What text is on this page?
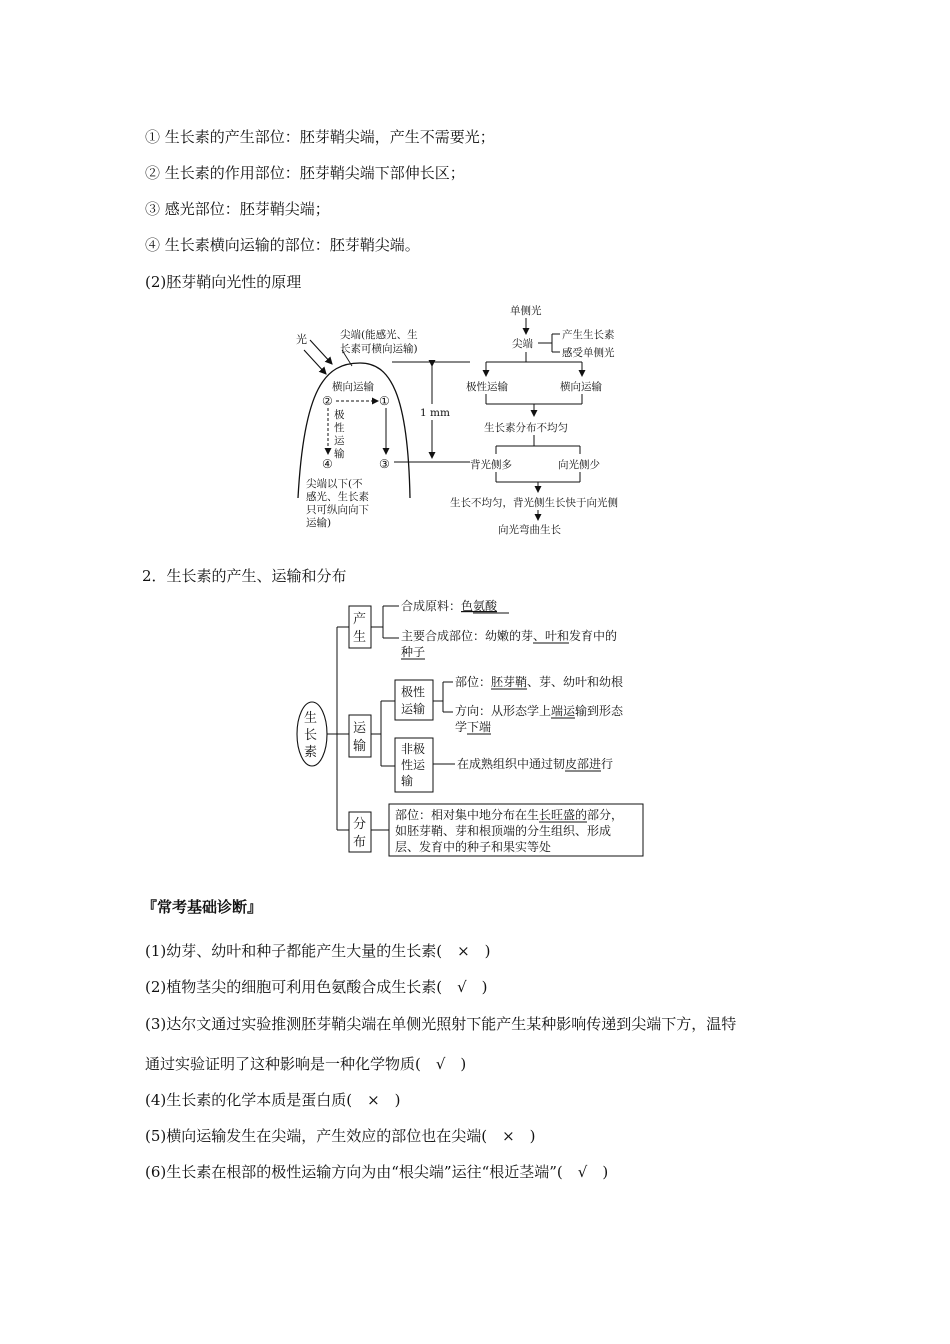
① 生长素的产生部位：胚芽鞘尖端，产生不需要光；
② 生长素的作用部位：胚芽鞘尖端下部伸长区；
③ 感光部位：胚芽鞘尖端；
④ 生长素横向运输的部位：胚芽鞘尖端。
(2)胚芽鞘向光性的原理
光	尖端(能感光、生
长素可横向运输)
横向运输
②	①
极
性
运
输
④	③
1 mm
尖端以下(不
感光、生长素
只可纵向向下
运输)
单侧光
尖端
产生生长素
感受单侧光
极性运输	横向运输
生长素分布不均匀
背光侧多	向光侧少
生长不均匀，背光侧生长快于向光侧
向光弯曲生长
2．生长素的产生、运输和分布
生
长
素
产
生
合成原料：色氨酸
主要合成部位：幼嫩的芽、叶和发育中的
种子
运
输
极性
运输
部位：胚芽鞘、芽、幼叶和幼根
方向：从形态学上端运输到形态
学下端
非极
性运
输
在成熟组织中通过韧皮部进行
分
布
部位：相对集中地分布在生长旺盛的部分，
如胚芽鞘、芽和根顶端的分生组织、形成
层、发育中的种子和果实等处
『常考基础诊断』
(1)幼芽、幼叶和种子都能产生大量的生长素(　×　)
(2)植物茎尖的细胞可利用色氨酸合成生长素(　√　)
(3)达尔文通过实验推测胚芽鞘尖端在单侧光照射下能产生某种影响传递到尖端下方，温特
通过实验证明了这种影响是一种化学物质(　√　)
(4)生长素的化学本质是蛋白质(　×　)
(5)横向运输发生在尖端，产生效应的部位也在尖端(　×　)
(6)生长素在根部的极性运输方向为由“根尖端”运往“根近茎端”(　√　)
